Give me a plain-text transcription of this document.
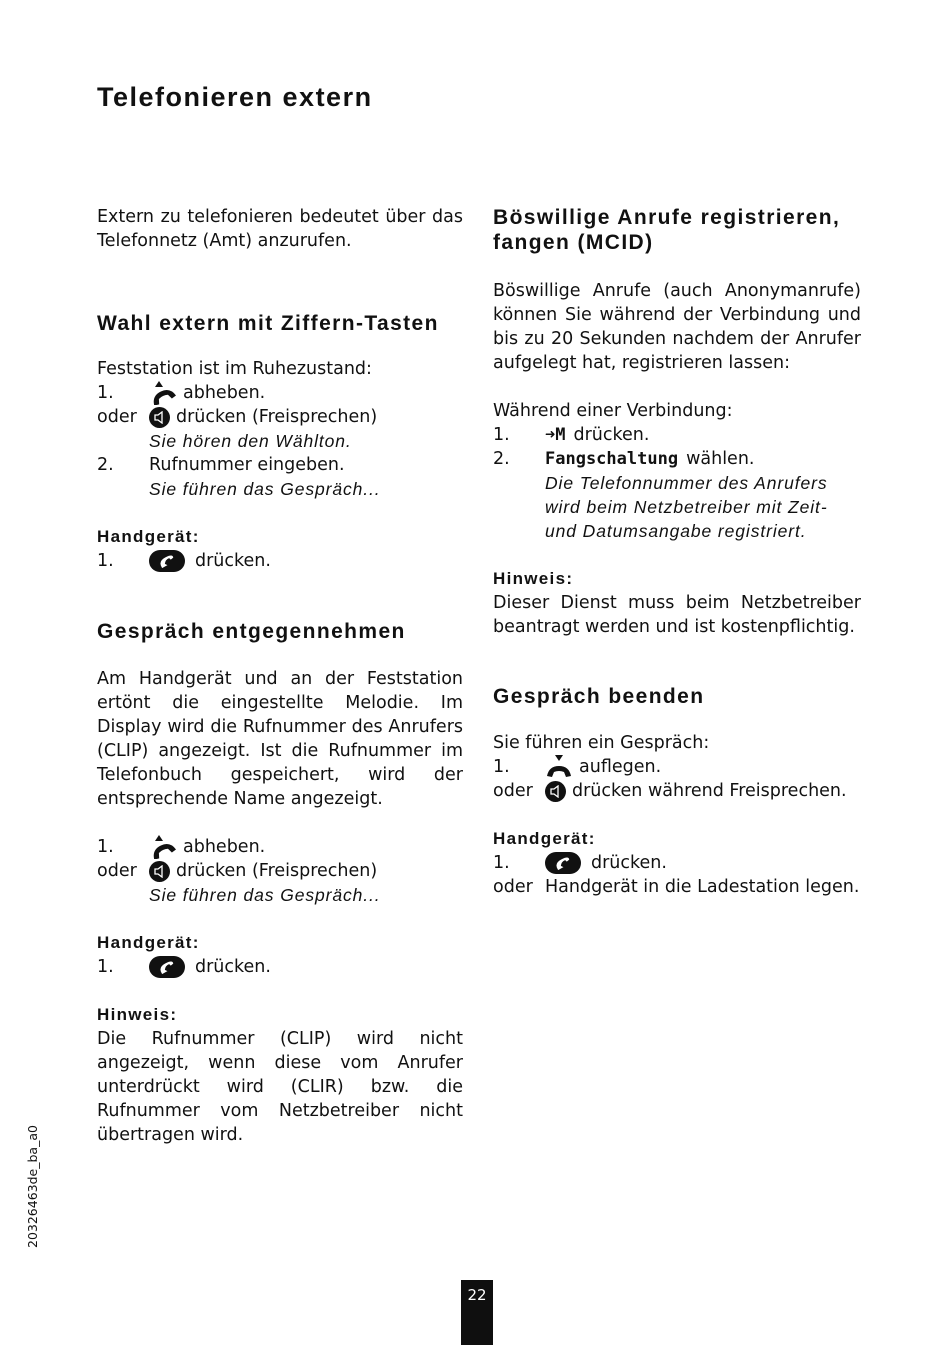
Telefonieren extern

Extern zu telefonieren bedeutet über das Telefonnetz (Amt) anzurufen.

Wahl extern mit Ziffern-Tasten

Feststation ist im Ruhezustand:

1.	abheben.
oder	drücken (Freisprechen)
Sie hören den Wählton.
2.	Rufnummer eingeben.
Sie führen das Gespräch...
Handgerät:
1.	drücken.
Gespräch entgegennehmen

Am Handgerät und an der Feststation ertönt die eingestellte Melodie. Im Display wird die Rufnummer des Anrufers (CLIP) angezeigt. Ist die Rufnummer im Telefonbuch gespeichert, wird der entsprechende Name angezeigt.

1.	abheben.
oder	drücken (Freisprechen)
Sie führen das Gespräch...
Handgerät:
1.	drücken.
Hinweis:

Die Rufnummer (CLIP) wird nicht angezeigt, wenn diese vom Anrufer unterdrückt wird (CLIR) bzw. die Rufnummer vom Netzbetreiber nicht übertragen wird.

Böswillige Anrufe registrieren, fangen (MCID)

Böswillige Anrufe (auch Anonymanrufe) können Sie während der Verbindung und bis zu 20 Sekunden nachdem der Anrufer aufgelegt hat, registrieren lassen:

Während einer Verbindung:

1.	➜M drücken.
2.	Fangschaltung wählen.
Die Telefonnummer des Anrufers wird beim Netzbetreiber mit Zeit- und Datumsangabe registriert.
Hinweis:

Dieser Dienst muss beim Netzbetreiber beantragt werden und ist kostenpflichtig.

Gespräch beenden

Sie führen ein Gespräch:

1.	auflegen.
oder	drücken während Freisprechen.
Handgerät:
1.	drücken.
oder Handgerät in die Ladestation legen.
20326463de_ba_a0
22
